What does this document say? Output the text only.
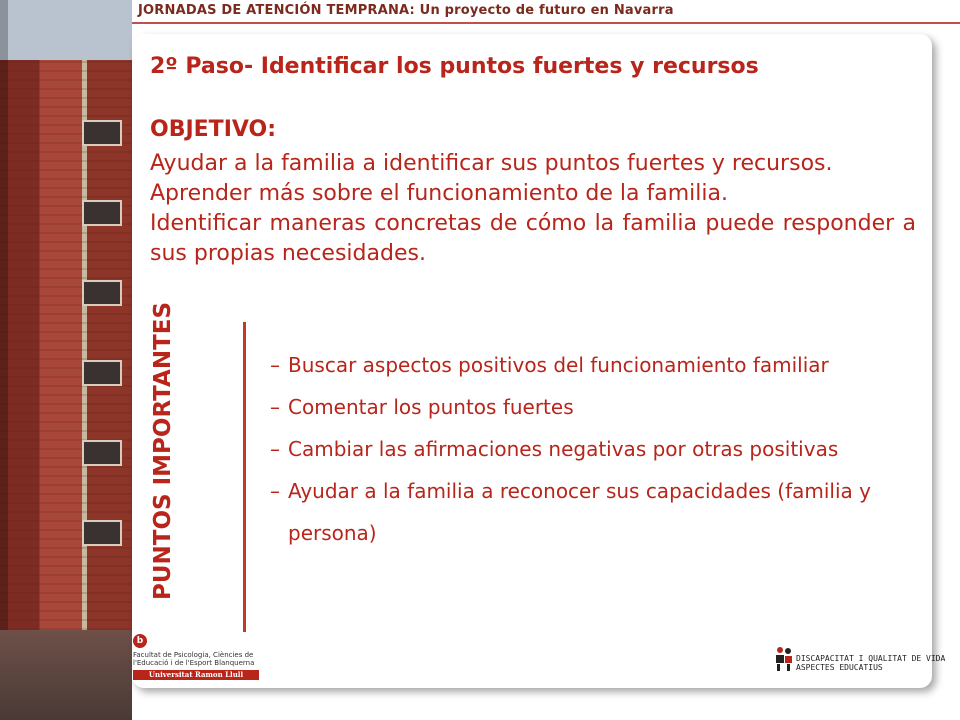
JORNADAS DE ATENCIÓN TEMPRANA: Un proyecto de futuro en Navarra
2º Paso- Identificar los puntos fuertes y recursos
OBJETIVO:

Ayudar a la familia a identificar sus puntos fuertes y recursos.

Aprender más sobre el funcionamiento de la familia.

Identificar maneras concretas de cómo la familia puede responder a sus propias necesidades.

PUNTOS IMPORTANTES	– Buscar aspectos positivos del funcionamiento familiar
– Comentar los puntos fuertes
– Cambiar las afirmaciones negativas por otras positivas
– Ayudar a la familia a reconocer sus capacidades (familia y persona)
b
Facultat de Psicologia, Ciències de l'Educació i de l'Esport Blanquerna
Universitat Ramon Llull
DISCAPACITAT I QUALITAT DE VIDA
ASPECTES EDUCATIUS
